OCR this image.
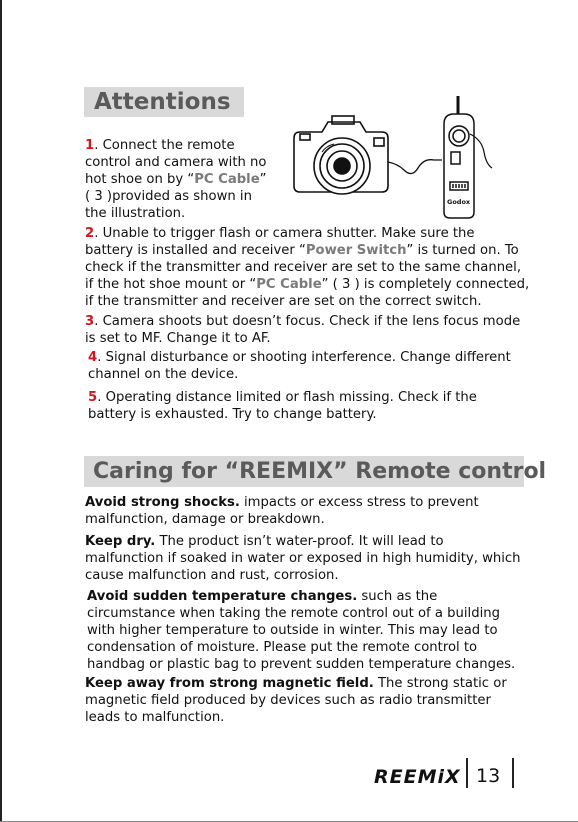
Attentions
1. Connect the remote
control and camera with no
hot shoe on by “PC Cable”
( 3 )provided as shown in
the illustration.
Godox
2. Unable to trigger flash or camera shutter. Make sure the
battery is installed and receiver “Power Switch” is turned on. To
check if the transmitter and receiver are set to the same channel,
if the hot shoe mount or “PC Cable” ( 3 ) is completely connected,
if the transmitter and receiver are set on the correct switch.
3. Camera shoots but doesn’t focus. Check if the lens focus mode
is set to MF. Change it to AF.
4. Signal disturbance or shooting interference. Change different
channel on the device.
5. Operating distance limited or flash missing. Check if the
battery is exhausted. Try to change battery.
Caring for “REEMIX” Remote control
Avoid strong shocks. impacts or excess stress to prevent
malfunction, damage or breakdown.
Keep dry. The product isn’t water-proof. It will lead to
malfunction if soaked in water or exposed in high humidity, which
cause malfunction and rust, corrosion.
Avoid sudden temperature changes. such as the
circumstance when taking the remote control out of a building
with higher temperature to outside in winter. This may lead to
condensation of moisture. Please put the remote control to
handbag or plastic bag to prevent sudden temperature changes.
Keep away from strong magnetic field. The strong static or
magnetic field produced by devices such as radio transmitter
leads to malfunction.
REEMiX 13
